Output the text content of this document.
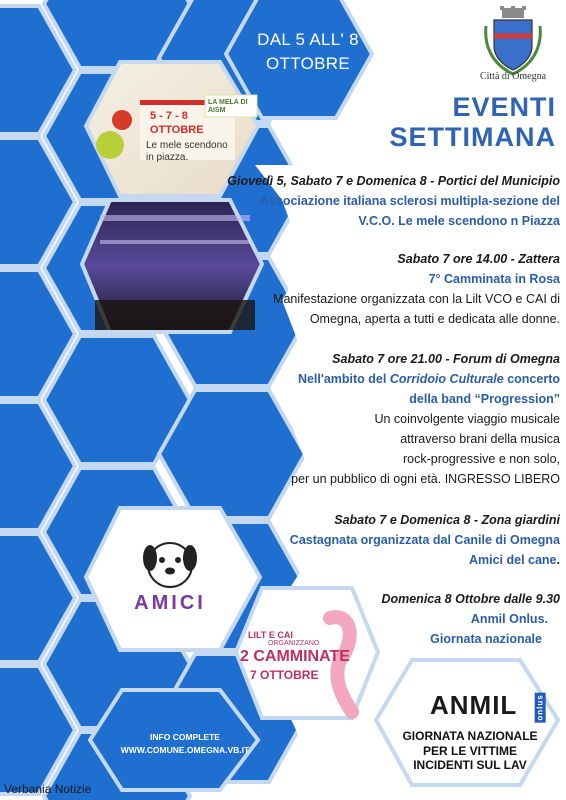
DAL 5 ALL' 8
OTTOBRE
Città di Omegna
EVENTI
SETTIMANA
Giovedì 5, Sabato 7 e Domenica 8 - Portici del Municipio
Associazione italiana sclerosi multipla-sezione del
V.C.O. Le mele scendono n Piazza
Sabato 7 ore 14.00 - Zattera
7° Camminata in Rosa
Manifestazione organizzata con la Lilt VCO e CAI di
Omegna, aperta a tutti e dedicata alle donne.
Sabato 7 ore 21.00 - Forum di Omegna
Nell'ambito del Corridoio Culturale concerto
della band “Progression”
Un coinvolgente viaggio musicale
attraverso brani della musica
rock-progressive e non solo,
per un pubblico di ogni età. INGRESSO LIBERO
Sabato 7 e Domenica 8 - Zona giardini
Castagnata organizzata dal Canile di Omegna
Amici del cane.
Domenica 8 Ottobre dalle 9.30
Anmil Onlus.
Giornata nazionale
5 - 7 - 8
OTTOBRE
Le mele scendono
in piazza.
LA MELA DI AISM
AMICI
LILT E CAI
ORGANIZZANO
2 CAMMINATE
7 OTTOBRE
ANMIL onlus
GIORNATA NAZIONALE
PER LE VITTIME
INCIDENTI SUL LAV
INFO COMPLETE
WWW.COMUNE.OMEGNA.VB.IT
Verbania Notizie
